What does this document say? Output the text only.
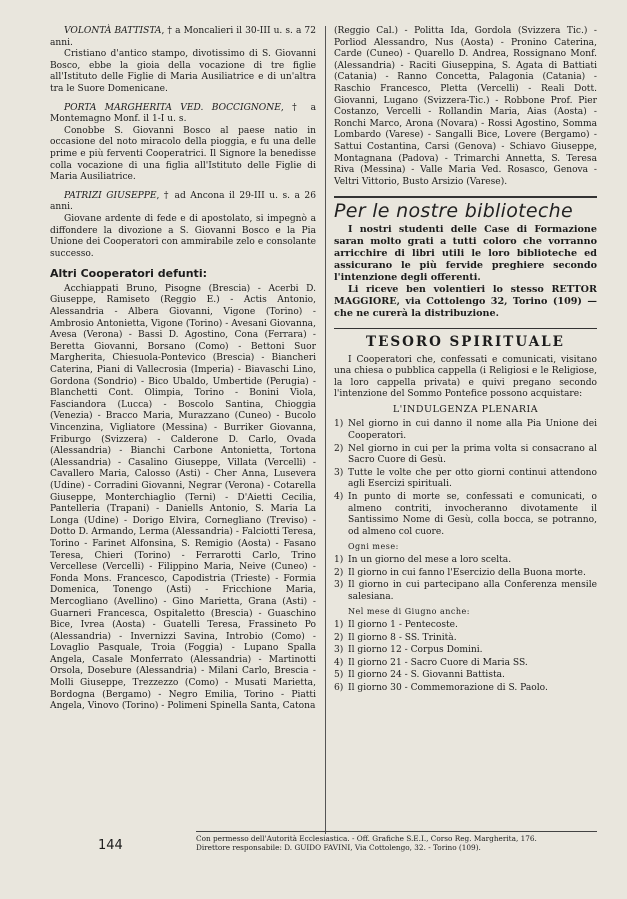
VOLONTÀ BATTISTA, † a Moncalieri il 30-III u. s. a 72 anni.

Cristiano d'antico stampo, divotissimo di S. Giovanni Bosco, ebbe la gioia della vocazione di tre figlie all'Istituto delle Figlie di Maria Ausiliatrice e di un'altra tra le Suore Domenicane.

PORTA MARGHERITA VED. BOCCIGNONE, † a Montemagno Monf. il 1-I u. s.

Conobbe S. Giovanni Bosco al paese natio in occasione del noto miracolo della pioggia, e fu una delle prime e più ferventi Cooperatrici. Il Signore la benedisse colla vocazione di una figlia all'Istituto delle Figlie di Maria Ausiliatrice.

PATRIZI GIUSEPPE, † ad Ancona il 29-III u. s. a 26 anni.

Giovane ardente di fede e di apostolato, si impegnò a diffondere la divozione a S. Giovanni Bosco e la Pia Unione dei Cooperatori con ammirabile zelo e consolante successo.

Altri Cooperatori defunti:

Acchiappati Bruno, Pisogne (Brescia) - Acerbi D. Giuseppe, Ramiseto (Reggio E.) - Actis Antonio, Alessandria - Albera Giovanni, Vigone (Torino) - Ambrosio Antonietta, Vigone (Torino) - Avesani Giovanna, Avesa (Verona) - Bassi D. Agostino, Cona (Ferrara) - Beretta Giovanni, Borsano (Como) - Bettoni Suor Margherita, Chiesuola-Pontevico (Brescia) - Biancheri Caterina, Piani di Vallecrosia (Imperia) - Biavaschi Lino, Gordona (Sondrio) - Bico Ubaldo, Umbertide (Perugia) - Blanchetti Cont. Olimpia, Torino - Bonini Viola, Fasciandora (Lucca) - Boscolo Santina, Chioggia (Venezia) - Bracco Maria, Murazzano (Cuneo) - Bucolo Vincenzina, Vigliatore (Messina) - Burriker Giovanna, Friburgo (Svizzera) - Calderone D. Carlo, Ovada (Alessandria) - Bianchi Carbone Antonietta, Tortona (Alessandria) - Casalino Giuseppe, Villata (Vercelli) - Cavallero Maria, Calosso (Asti) - Cher Anna, Lusevera (Udine) - Corradini Giovanni, Negrar (Verona) - Cotarella Giuseppe, Monterchiaglio (Terni) - D'Aietti Cecilia, Pantelleria (Trapani) - Daniells Antonio, S. Maria La Longa (Udine) - Dorigo Elvira, Cornegliano (Treviso) - Dotto D. Armando, Lerma (Alessandria) - Falciotti Teresa, Torino - Farinet Alfonsina, S. Remigio (Aosta) - Fasano Teresa, Chieri (Torino) - Ferrarotti Carlo, Trino Vercellese (Vercelli) - Filippino Maria, Neive (Cuneo) - Fonda Mons. Francesco, Capodistria (Trieste) - Formia Domenica, Tonengo (Asti) - Fricchione Maria, Mercogliano (Avellino) - Gino Marietta, Grana (Asti) - Guarneri Francesca, Ospitaletto (Brescia) - Guaschino Bice, Ivrea (Aosta) - Guatelli Teresa, Frassineto Po (Alessandria) - Invernizzi Savina, Introbio (Como) - Lovaglio Pasquale, Troia (Foggia) - Lupano Spalla Angela, Casale Monferrato (Alessandria) - Martinotti Orsola, Dosebure (Alessandria) - Milani Carlo, Brescia - Molli Giuseppe, Trezzezzo (Como) - Musati Marietta, Bordogna (Bergamo) - Negro Emilia, Torino - Piatti Angela, Vinovo (Torino) - Polimeni Spinella Santa, Catona

(Reggio Cal.) - Politta Ida, Gordola (Svizzera Tic.) - Porliod Alessandro, Nus (Aosta) - Pronino Caterina, Carde (Cuneo) - Quarello D. Andrea, Rossignano Monf. (Alessandria) - Raciti Giuseppina, S. Agata di Battiati (Catania) - Ranno Concetta, Palagonia (Catania) - Raschio Francesco, Pletta (Vercelli) - Reali Dott. Giovanni, Lugano (Svizzera-Tic.) - Robbone Prof. Pier Costanzo, Vercelli - Rollandin Maria, Aias (Aosta) - Ronchi Marco, Arona (Novara) - Rossi Agostino, Somma Lombardo (Varese) - Sangalli Bice, Lovere (Bergamo) - Sattui Costantina, Carsi (Genova) - Schiavo Giuseppe, Montagnana (Padova) - Trimarchi Annetta, S. Teresa Riva (Messina) - Valle Maria Ved. Rosasco, Genova - Veltri Vittorio, Busto Arsizio (Varese).

Per le nostre biblioteche

I nostri studenti delle Case di Formazione saran molto grati a tutti coloro che vorranno arricchire di libri utili le loro biblioteche ed assicurano le più fervide preghiere secondo l'intenzione degli offerenti.

Li riceve ben volentieri lo stesso RETTOR MAGGIORE, via Cottolengo 32, Torino (109) — che ne curerà la distribuzione.

TESORO SPIRITUALE

I Cooperatori che, confessati e comunicati, visitano una chiesa o pubblica cappella (i Religiosi e le Religiose, la loro cappella privata) e quivi pregano secondo l'intenzione del Sommo Pontefice possono acquistare:

L'INDULGENZA PLENARIA
1) Nel giorno in cui danno il nome alla Pia Unione dei Cooperatori.
2) Nel giorno in cui per la prima volta si consacrano al Sacro Cuore di Gesù.
3) Tutte le volte che per otto giorni continui attendono agli Esercizi spirituali.
4) In punto di morte se, confessati e comunicati, o almeno contriti, invocheranno divotamente il Santissimo Nome di Gesù, colla bocca, se potranno, od almeno col cuore.
Ogni mese:
1) In un giorno del mese a loro scelta.
2) Il giorno in cui fanno l'Esercizio della Buona morte.
3) Il giorno in cui partecipano alla Conferenza mensile salesiana.
Nel mese di Giugno anche:
1) Il giorno 1 - Pentecoste.
2) Il giorno 8 - SS. Trinità.
3) Il giorno 12 - Corpus Domini.
4) Il giorno 21 - Sacro Cuore di Maria SS.
5) Il giorno 24 - S. Giovanni Battista.
6) Il giorno 30 - Commemorazione di S. Paolo.
144	Con permesso dell'Autorità Ecclesiastica. - Off. Grafiche S.E.I., Corso Reg. Margherita, 176.
Direttore responsabile: D. GUIDO FAVINI, Via Cottolengo, 32. - Torino (109).
